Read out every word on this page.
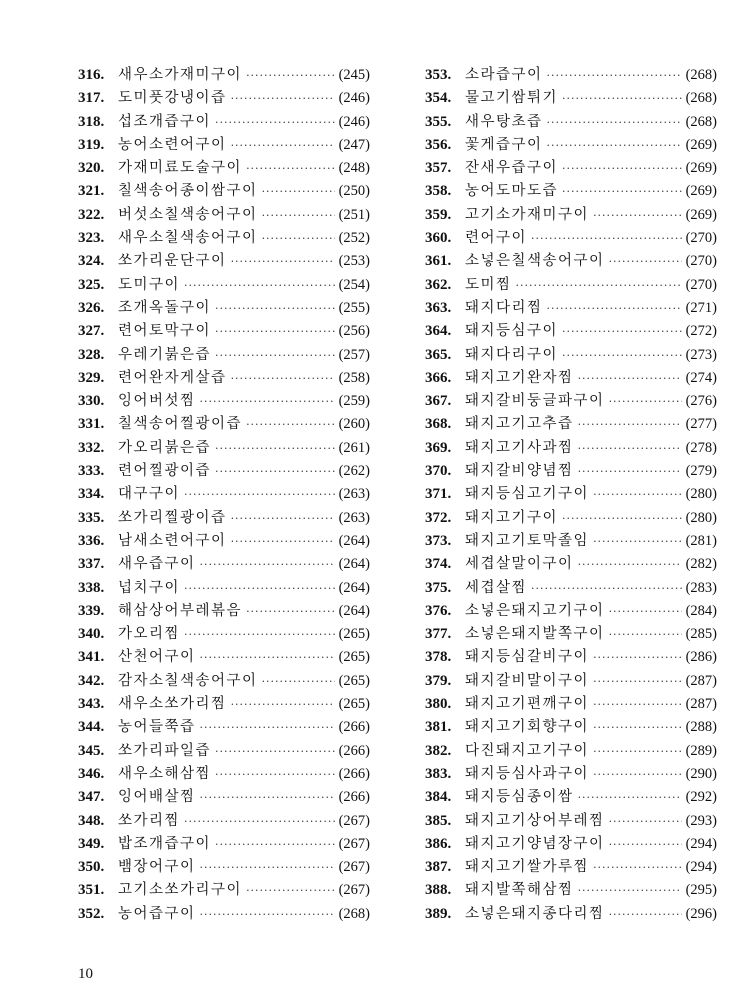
316. 새우소가재미구이 ·····	(245)
317. 도미풋강냉이즙 ·····	(246)
318. 섭조개즙구이 ·····	(246)
319. 농어소련어구이 ·····	(247)
320. 가재미료도술구이 ·····	(248)
321. 칠색송어종이쌈구이 ·····	(250)
322. 버섯소칠색송어구이 ·····	(251)
323. 새우소칠색송어구이 ·····	(252)
324. 쏘가리운단구이 ·····	(253)
325. 도미구이 ·····	(254)
326. 조개옥돌구이 ·····	(255)
327. 련어토막구이 ·····	(256)
328. 우레기붉은즙 ·····	(257)
329. 련어완자게살즙 ·····	(258)
330. 잉어버섯찜 ·····	(259)
331. 칠색송어찔광이즙 ·····	(260)
332. 가오리붉은즙 ·····	(261)
333. 련어찔광이즙 ·····	(262)
334. 대구구이 ·····	(263)
335. 쏘가리찔광이즙 ·····	(263)
336. 남새소련어구이 ·····	(264)
337. 새우즙구이 ·····	(264)
338. 넙치구이 ·····	(264)
339. 해삼상어부레볶음 ·····	(264)
340. 가오리찜 ·····	(265)
341. 산천어구이 ·····	(265)
342. 감자소칠색송어구이 ·····	(265)
343. 새우소쏘가리찜 ·····	(265)
344. 농어들쭉즙 ·····	(266)
345. 쏘가리파일즙 ·····	(266)
346. 새우소해삼찜 ·····	(266)
347. 잉어배살찜 ·····	(266)
348. 쏘가리찜 ·····	(267)
349. 밥조개즙구이 ·····	(267)
350. 뱀장어구이 ·····	(267)
351. 고기소쏘가리구이 ·····	(267)
352. 농어즙구이 ·····	(268)
353. 소라즙구이 ·····	(268)
354. 물고기쌈튀기 ·····	(268)
355. 새우탕초즙 ·····	(268)
356. 꽃게즙구이 ·····	(269)
357. 잔새우즙구이 ·····	(269)
358. 농어도마도즙 ·····	(269)
359. 고기소가재미구이 ·····	(269)
360. 련어구이 ·····	(270)
361. 소넣은칠색송어구이 ·····	(270)
362. 도미찜 ·····	(270)
363. 돼지다리찜 ·····	(271)
364. 돼지등심구이 ·····	(272)
365. 돼지다리구이 ·····	(273)
366. 돼지고기완자찜 ·····	(274)
367. 돼지갈비둥글파구이 ·····	(276)
368. 돼지고기고추즙 ·····	(277)
369. 돼지고기사과찜 ·····	(278)
370. 돼지갈비양념찜 ·····	(279)
371. 돼지등심고기구이 ·····	(280)
372. 돼지고기구이 ·····	(280)
373. 돼지고기토막졸임 ·····	(281)
374. 세겹살말이구이 ·····	(282)
375. 세겹살찜 ·····	(283)
376. 소넣은돼지고기구이 ·····	(284)
377. 소넣은돼지발쪽구이 ·····	(285)
378. 돼지등심갈비구이 ·····	(286)
379. 돼지갈비말이구이 ·····	(287)
380. 돼지고기편깨구이 ·····	(287)
381. 돼지고기회향구이 ·····	(288)
382. 다진돼지고기구이 ·····	(289)
383. 돼지등심사과구이 ·····	(290)
384. 돼지등심종이쌈 ·····	(292)
385. 돼지고기상어부레찜 ·····	(293)
386. 돼지고기양념장구이 ·····	(294)
387. 돼지고기쌀가루찜 ·····	(294)
388. 돼지발쪽해삼찜 ·····	(295)
389. 소넣은돼지종다리찜 ·····	(296)
10
